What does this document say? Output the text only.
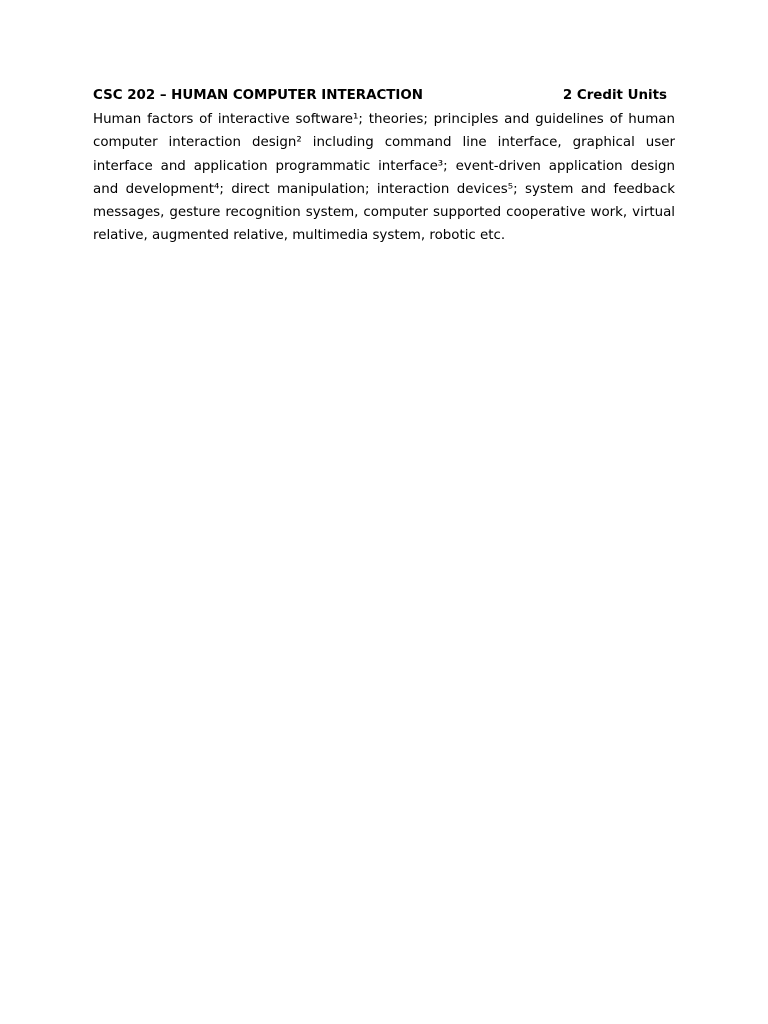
CSC 202 – HUMAN COMPUTER INTERACTION	2 Credit Units

Human factors of interactive software¹; theories; principles and guidelines of human computer interaction design² including command line interface, graphical user interface and application programmatic interface³; event-driven application design and development⁴; direct manipulation; interaction devices⁵; system and feedback messages, gesture recognition system, computer supported cooperative work, virtual relative, augmented relative, multimedia system, robotic etc.
